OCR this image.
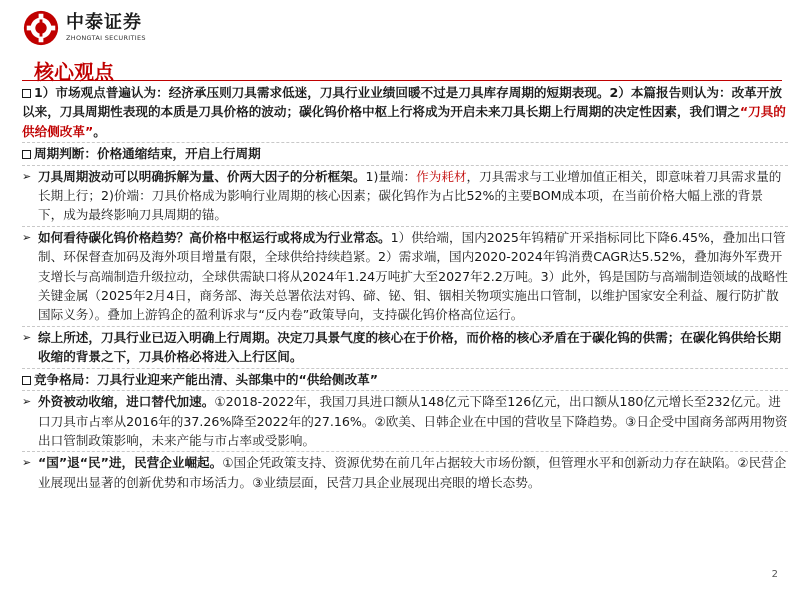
中泰证券
ZHONGTAI SECURITIES
核心观点

1）市场观点普遍认为：经济承压则刀具需求低迷，刀具行业业绩回暖不过是刀具库存周期的短期表现。2）本篇报告则认为：改革开放以来，刀具周期性表现的本质是刀具价格的波动；碳化钨价格中枢上行将成为开启未来刀具长期上行周期的决定性因素，我们谓之“刀具的供给侧改革”。

周期判断：价格通缩结束，开启上行周期

➢ 刀具周期波动可以明确拆解为量、价两大因子的分析框架。1)量端：作为耗材，刀具需求与工业增加值正相关，即意味着刀具需求量的长期上行；2)价端：刀具价格成为影响行业周期的核心因素；碳化钨作为占比52%的主要BOM成本项，在当前价格大幅上涨的背景下，成为最终影响刀具周期的锚。
➢ 如何看待碳化钨价格趋势？高价格中枢运行或将成为行业常态。1）供给端，国内2025年钨精矿开采指标同比下降6.45%，叠加出口管制、环保督查加码及海外项目增量有限，全球供给持续趋紧。2）需求端，国内2020-2024年钨消费CAGR达5.52%，叠加海外军费开支增长与高端制造升级拉动，全球供需缺口将从2024年1.24万吨扩大至2027年2.2万吨。3）此外，钨是国防与高端制造领域的战略性关键金属（2025年2月4日，商务部、海关总署依法对钨、碲、铋、钼、铟相关物项实施出口管制，以维护国家安全利益、履行防扩散国际义务）。叠加上游钨企的盈利诉求与“反内卷”政策导向，支持碳化钨价格高位运行。
➢ 综上所述，刀具行业已迈入明确上行周期。决定刀具景气度的核心在于价格，而价格的核心矛盾在于碳化钨的供需；在碳化钨供给长期收缩的背景之下，刀具价格必将进入上行区间。

竞争格局：刀具行业迎来产能出清、头部集中的“供给侧改革”

➢ 外资被动收缩，进口替代加速。①2018-2022年，我国刀具进口额从148亿元下降至126亿元，出口额从180亿元增长至232亿元。进口刀具市占率从2016年的37.26%降至2022年的27.16%。②欧美、日韩企业在中国的营收呈下降趋势。③日企受中国商务部两用物资出口管制政策影响，未来产能与市占率或受影响。
➢ “国”退“民”进，民营企业崛起。①国企凭政策支持、资源优势在前几年占据较大市场份额，但管理水平和创新动力存在缺陷。②民营企业展现出显著的创新优势和市场活力。③业绩层面，民营刀具企业展现出亮眼的增长态势。
2
